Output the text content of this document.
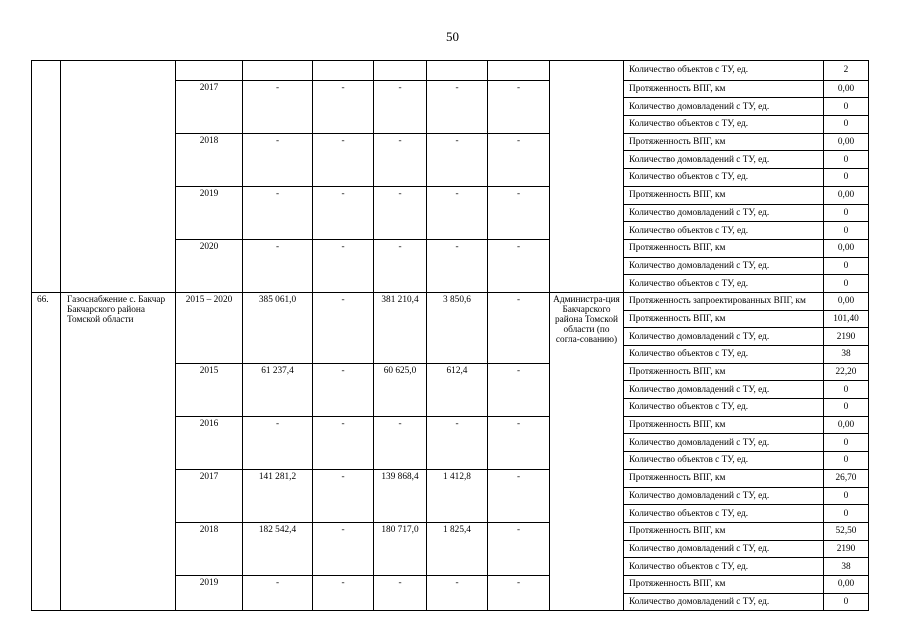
50
									Количество объектов с ТУ, ед.	2
		2017	-	-	-	-	-		Протяженность ВПГ, км	0,00
									Количество домовладений с ТУ, ед.	0
									Количество объектов с ТУ, ед.	0
		2018	-	-	-	-	-		Протяженность ВПГ, км	0,00
									Количество домовладений с ТУ, ед.	0
									Количество объектов с ТУ, ед.	0
		2019	-	-	-	-	-		Протяженность ВПГ, км	0,00
									Количество домовладений с ТУ, ед.	0
									Количество объектов с ТУ, ед.	0
		2020	-	-	-	-	-		Протяженность ВПГ, км	0,00
									Количество домовладений с ТУ, ед.	0
									Количество объектов с ТУ, ед.	0
66.	Газоснабжение с. Бакчар Бакчарского района Томской области	2015 – 2020	385 061,0	-	381 210,4	3 850,6	-	Администра-ция Бакчарского района Томской области (по согла-сованию)	Протяженность запроектированных ВПГ, км	0,00
									Протяженность ВПГ, км	101,40
									Количество домовладений с ТУ, ед.	2190
									Количество объектов с ТУ, ед.	38
		2015	61 237,4	-	60 625,0	612,4	-		Протяженность ВПГ, км	22,20
									Количество домовладений с ТУ, ед.	0
									Количество объектов с ТУ, ед.	0
		2016	-	-	-	-	-		Протяженность ВПГ, км	0,00
									Количество домовладений с ТУ, ед.	0
									Количество объектов с ТУ, ед.	0
		2017	141 281,2	-	139 868,4	1 412,8	-		Протяженность ВПГ, км	26,70
									Количество домовладений с ТУ, ед.	0
									Количество объектов с ТУ, ед.	0
		2018	182 542,4	-	180 717,0	1 825,4	-		Протяженность ВПГ, км	52,50
									Количество домовладений с ТУ, ед.	2190
									Количество объектов с ТУ, ед.	38
		2019	-	-	-	-	-		Протяженность ВПГ, км	0,00
									Количество домовладений с ТУ, ед.	0
